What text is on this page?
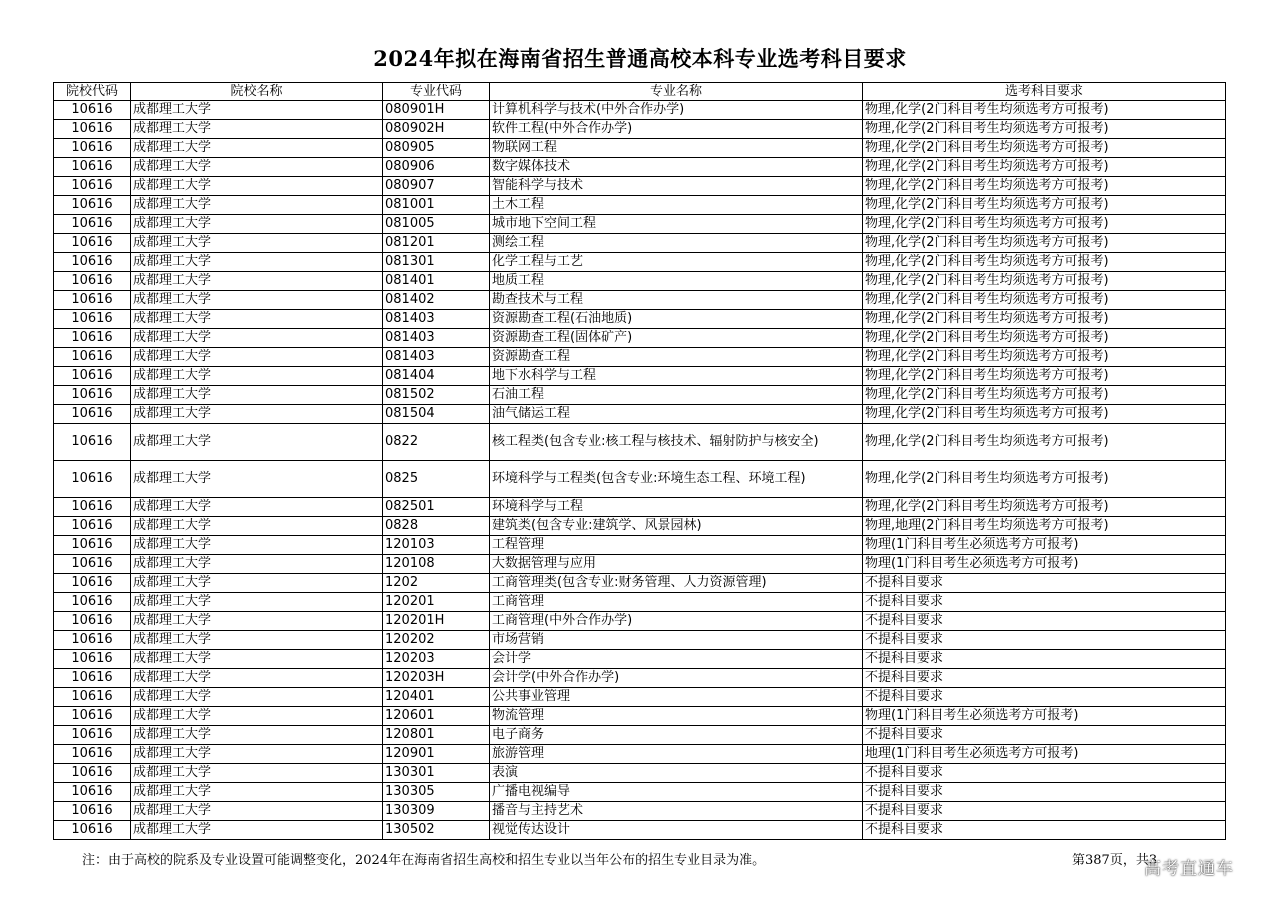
2024年拟在海南省招生普通高校本科专业选考科目要求
院校代码	院校名称	专业代码	专业名称	选考科目要求
10616	成都理工大学	080901H	计算机科学与技术(中外合作办学)	物理,化学(2门科目考生均须选考方可报考)
10616	成都理工大学	080902H	软件工程(中外合作办学)	物理,化学(2门科目考生均须选考方可报考)
10616	成都理工大学	080905	物联网工程	物理,化学(2门科目考生均须选考方可报考)
10616	成都理工大学	080906	数字媒体技术	物理,化学(2门科目考生均须选考方可报考)
10616	成都理工大学	080907	智能科学与技术	物理,化学(2门科目考生均须选考方可报考)
10616	成都理工大学	081001	土木工程	物理,化学(2门科目考生均须选考方可报考)
10616	成都理工大学	081005	城市地下空间工程	物理,化学(2门科目考生均须选考方可报考)
10616	成都理工大学	081201	测绘工程	物理,化学(2门科目考生均须选考方可报考)
10616	成都理工大学	081301	化学工程与工艺	物理,化学(2门科目考生均须选考方可报考)
10616	成都理工大学	081401	地质工程	物理,化学(2门科目考生均须选考方可报考)
10616	成都理工大学	081402	勘查技术与工程	物理,化学(2门科目考生均须选考方可报考)
10616	成都理工大学	081403	资源勘查工程(石油地质)	物理,化学(2门科目考生均须选考方可报考)
10616	成都理工大学	081403	资源勘查工程(固体矿产)	物理,化学(2门科目考生均须选考方可报考)
10616	成都理工大学	081403	资源勘查工程	物理,化学(2门科目考生均须选考方可报考)
10616	成都理工大学	081404	地下水科学与工程	物理,化学(2门科目考生均须选考方可报考)
10616	成都理工大学	081502	石油工程	物理,化学(2门科目考生均须选考方可报考)
10616	成都理工大学	081504	油气储运工程	物理,化学(2门科目考生均须选考方可报考)
10616	成都理工大学	0822	核工程类(包含专业:核工程与核技术、辐射防护与核安全)	物理,化学(2门科目考生均须选考方可报考)
10616	成都理工大学	0825	环境科学与工程类(包含专业:环境生态工程、环境工程)	物理,化学(2门科目考生均须选考方可报考)
10616	成都理工大学	082501	环境科学与工程	物理,化学(2门科目考生均须选考方可报考)
10616	成都理工大学	0828	建筑类(包含专业:建筑学、风景园林)	物理,地理(2门科目考生均须选考方可报考)
10616	成都理工大学	120103	工程管理	物理(1门科目考生必须选考方可报考)
10616	成都理工大学	120108	大数据管理与应用	物理(1门科目考生必须选考方可报考)
10616	成都理工大学	1202	工商管理类(包含专业:财务管理、人力资源管理)	不提科目要求
10616	成都理工大学	120201	工商管理	不提科目要求
10616	成都理工大学	120201H	工商管理(中外合作办学)	不提科目要求
10616	成都理工大学	120202	市场营销	不提科目要求
10616	成都理工大学	120203	会计学	不提科目要求
10616	成都理工大学	120203H	会计学(中外合作办学)	不提科目要求
10616	成都理工大学	120401	公共事业管理	不提科目要求
10616	成都理工大学	120601	物流管理	物理(1门科目考生必须选考方可报考)
10616	成都理工大学	120801	电子商务	不提科目要求
10616	成都理工大学	120901	旅游管理	地理(1门科目考生必须选考方可报考)
10616	成都理工大学	130301	表演	不提科目要求
10616	成都理工大学	130305	广播电视编导	不提科目要求
10616	成都理工大学	130309	播音与主持艺术	不提科目要求
10616	成都理工大学	130502	视觉传达设计	不提科目要求
注：由于高校的院系及专业设置可能调整变化，2024年在海南省招生高校和招生专业以当年公布的招生专业目录为准。	第387页，共3
高考直通车
